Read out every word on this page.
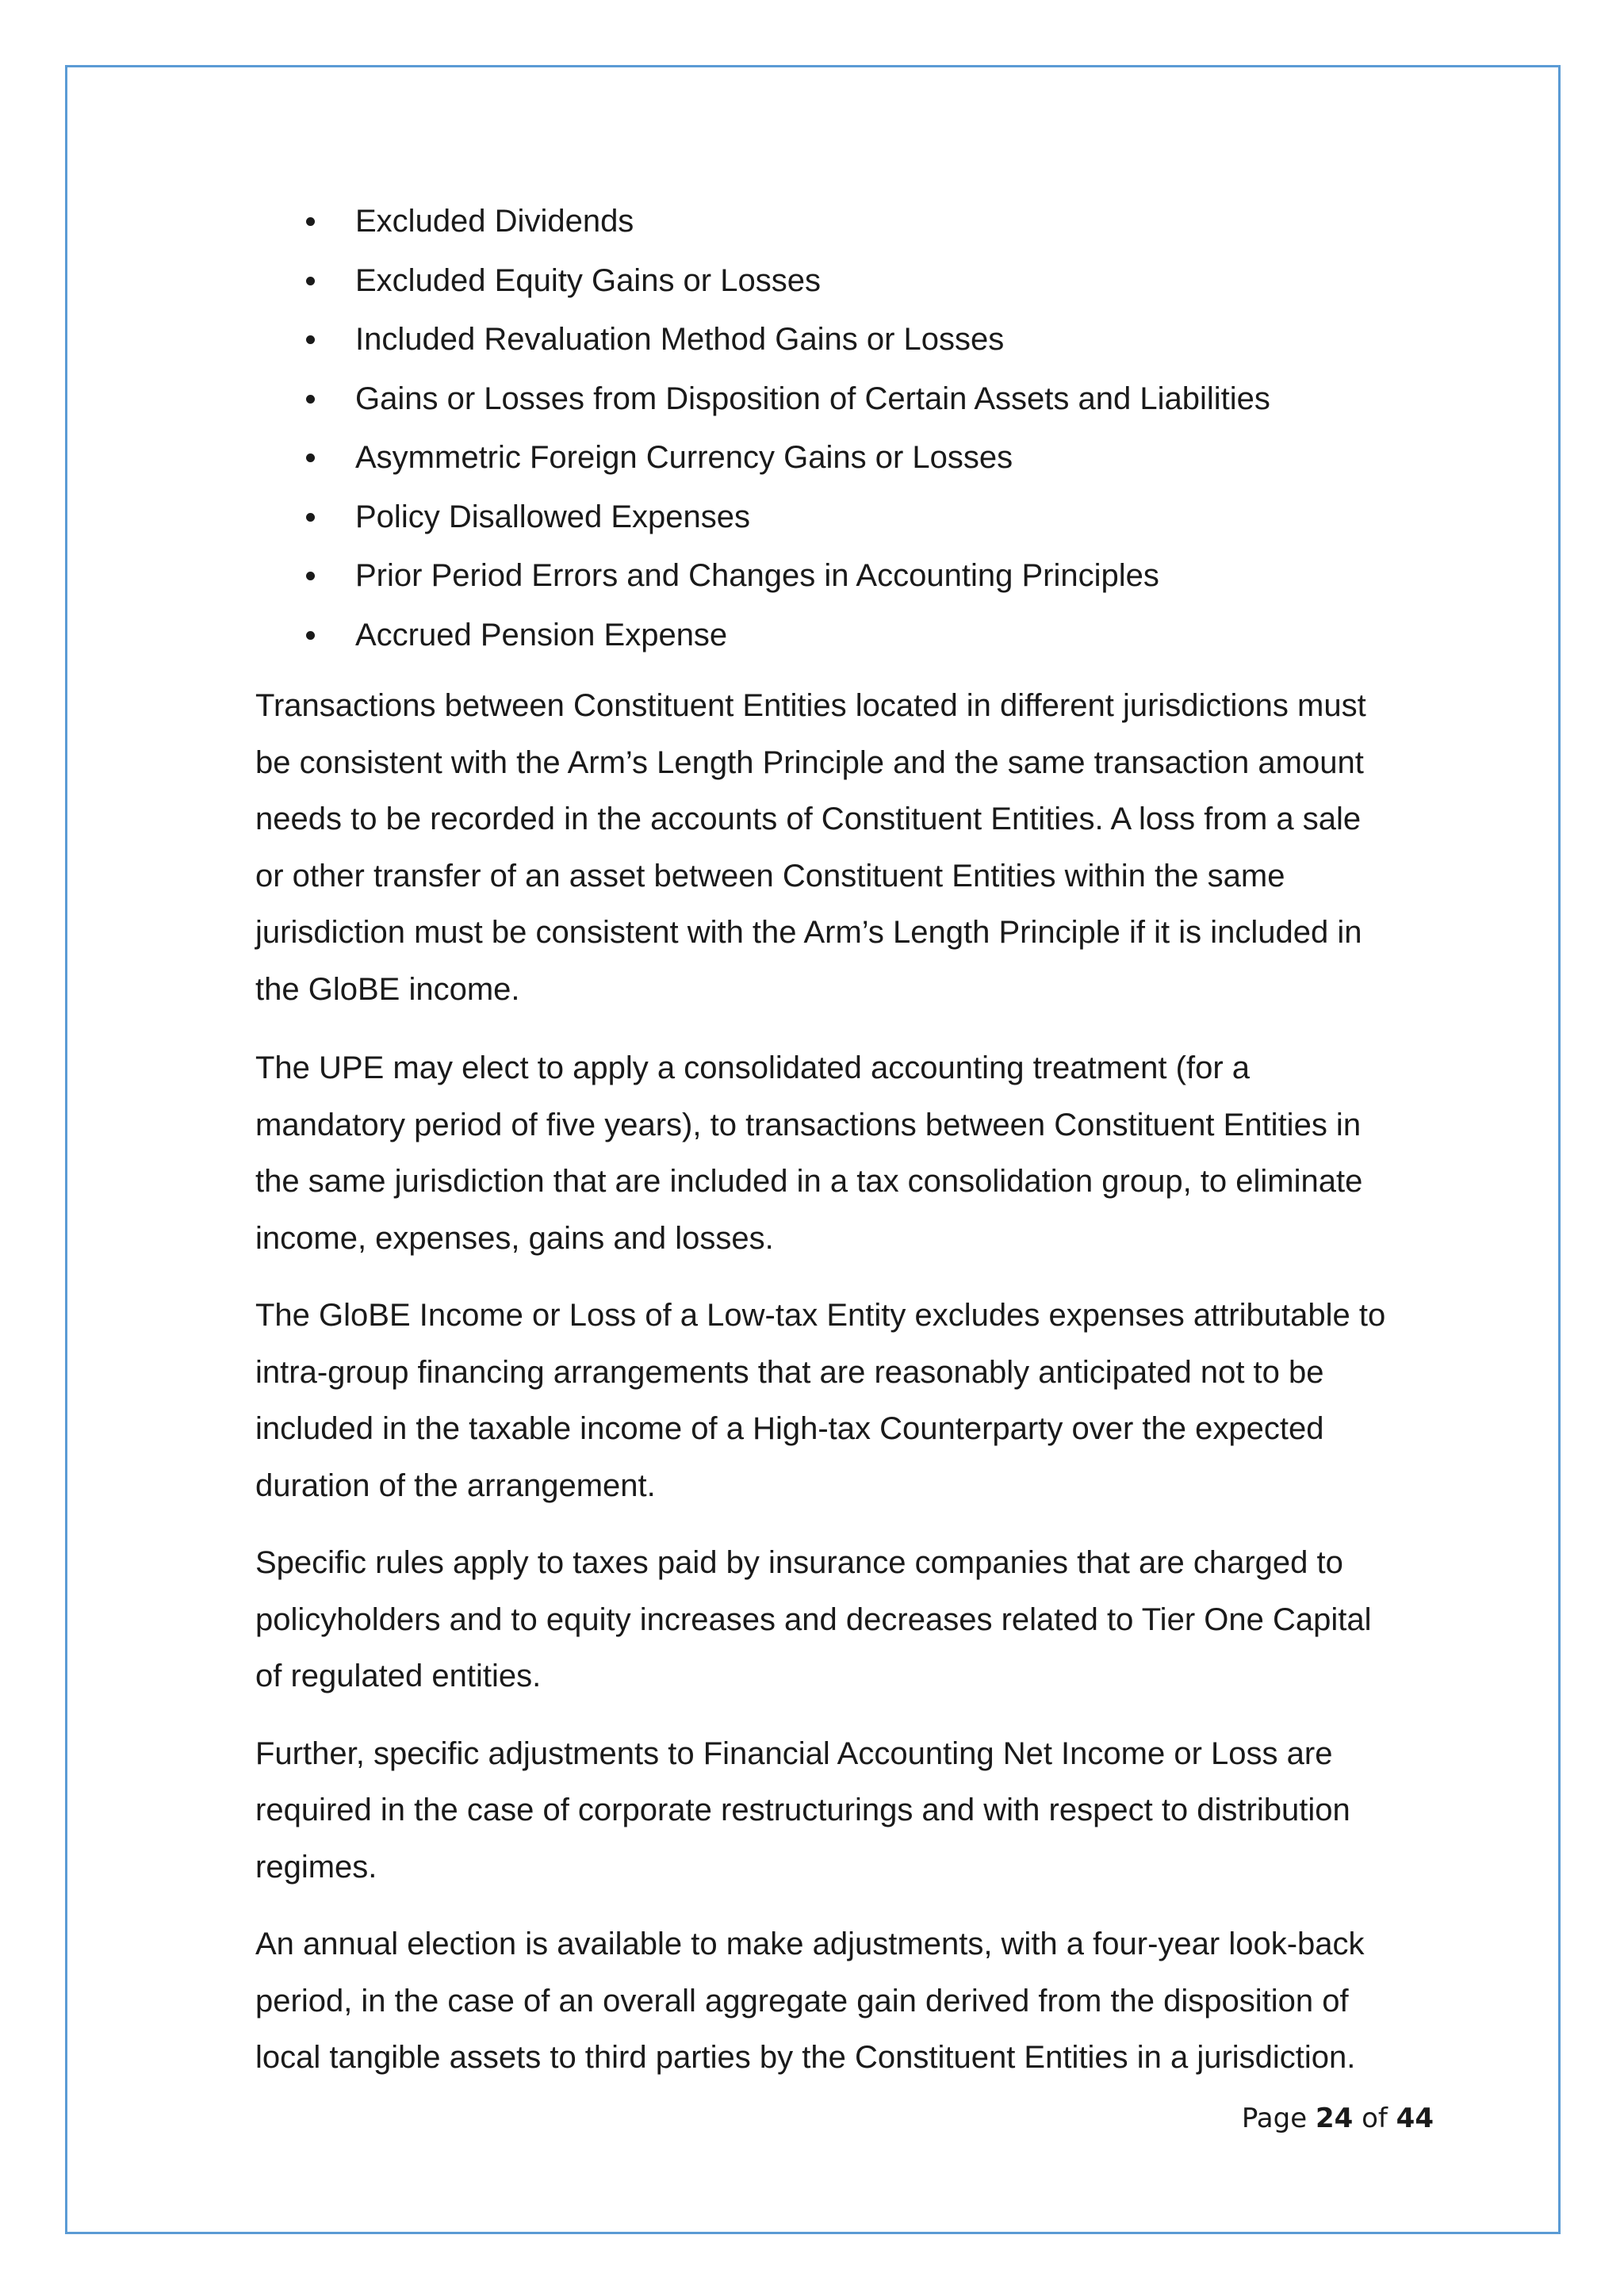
Excluded Dividends
Excluded Equity Gains or Losses
Included Revaluation Method Gains or Losses
Gains or Losses from Disposition of Certain Assets and Liabilities
Asymmetric Foreign Currency Gains or Losses
Policy Disallowed Expenses
Prior Period Errors and Changes in Accounting Principles
Accrued Pension Expense

Transactions between Constituent Entities located in different jurisdictions must
be consistent with the Arm’s Length Principle and the same transaction amount
needs to be recorded in the accounts of Constituent Entities. A loss from a sale
or other transfer of an asset between Constituent Entities within the same
jurisdiction must be consistent with the Arm’s Length Principle if it is included in
the GloBE income.

The UPE may elect to apply a consolidated accounting treatment (for a
mandatory period of five years), to transactions between Constituent Entities in
the same jurisdiction that are included in a tax consolidation group, to eliminate
income, expenses, gains and losses.

The GloBE Income or Loss of a Low-tax Entity excludes expenses attributable to
intra-group financing arrangements that are reasonably anticipated not to be
included in the taxable income of a High-tax Counterparty over the expected
duration of the arrangement.

Specific rules apply to taxes paid by insurance companies that are charged to
policyholders and to equity increases and decreases related to Tier One Capital
of regulated entities.

Further, specific adjustments to Financial Accounting Net Income or Loss are
required in the case of corporate restructurings and with respect to distribution
regimes.

An annual election is available to make adjustments, with a four-year look-back
period, in the case of an overall aggregate gain derived from the disposition of
local tangible assets to third parties by the Constituent Entities in a jurisdiction.

Page 24 of 44
